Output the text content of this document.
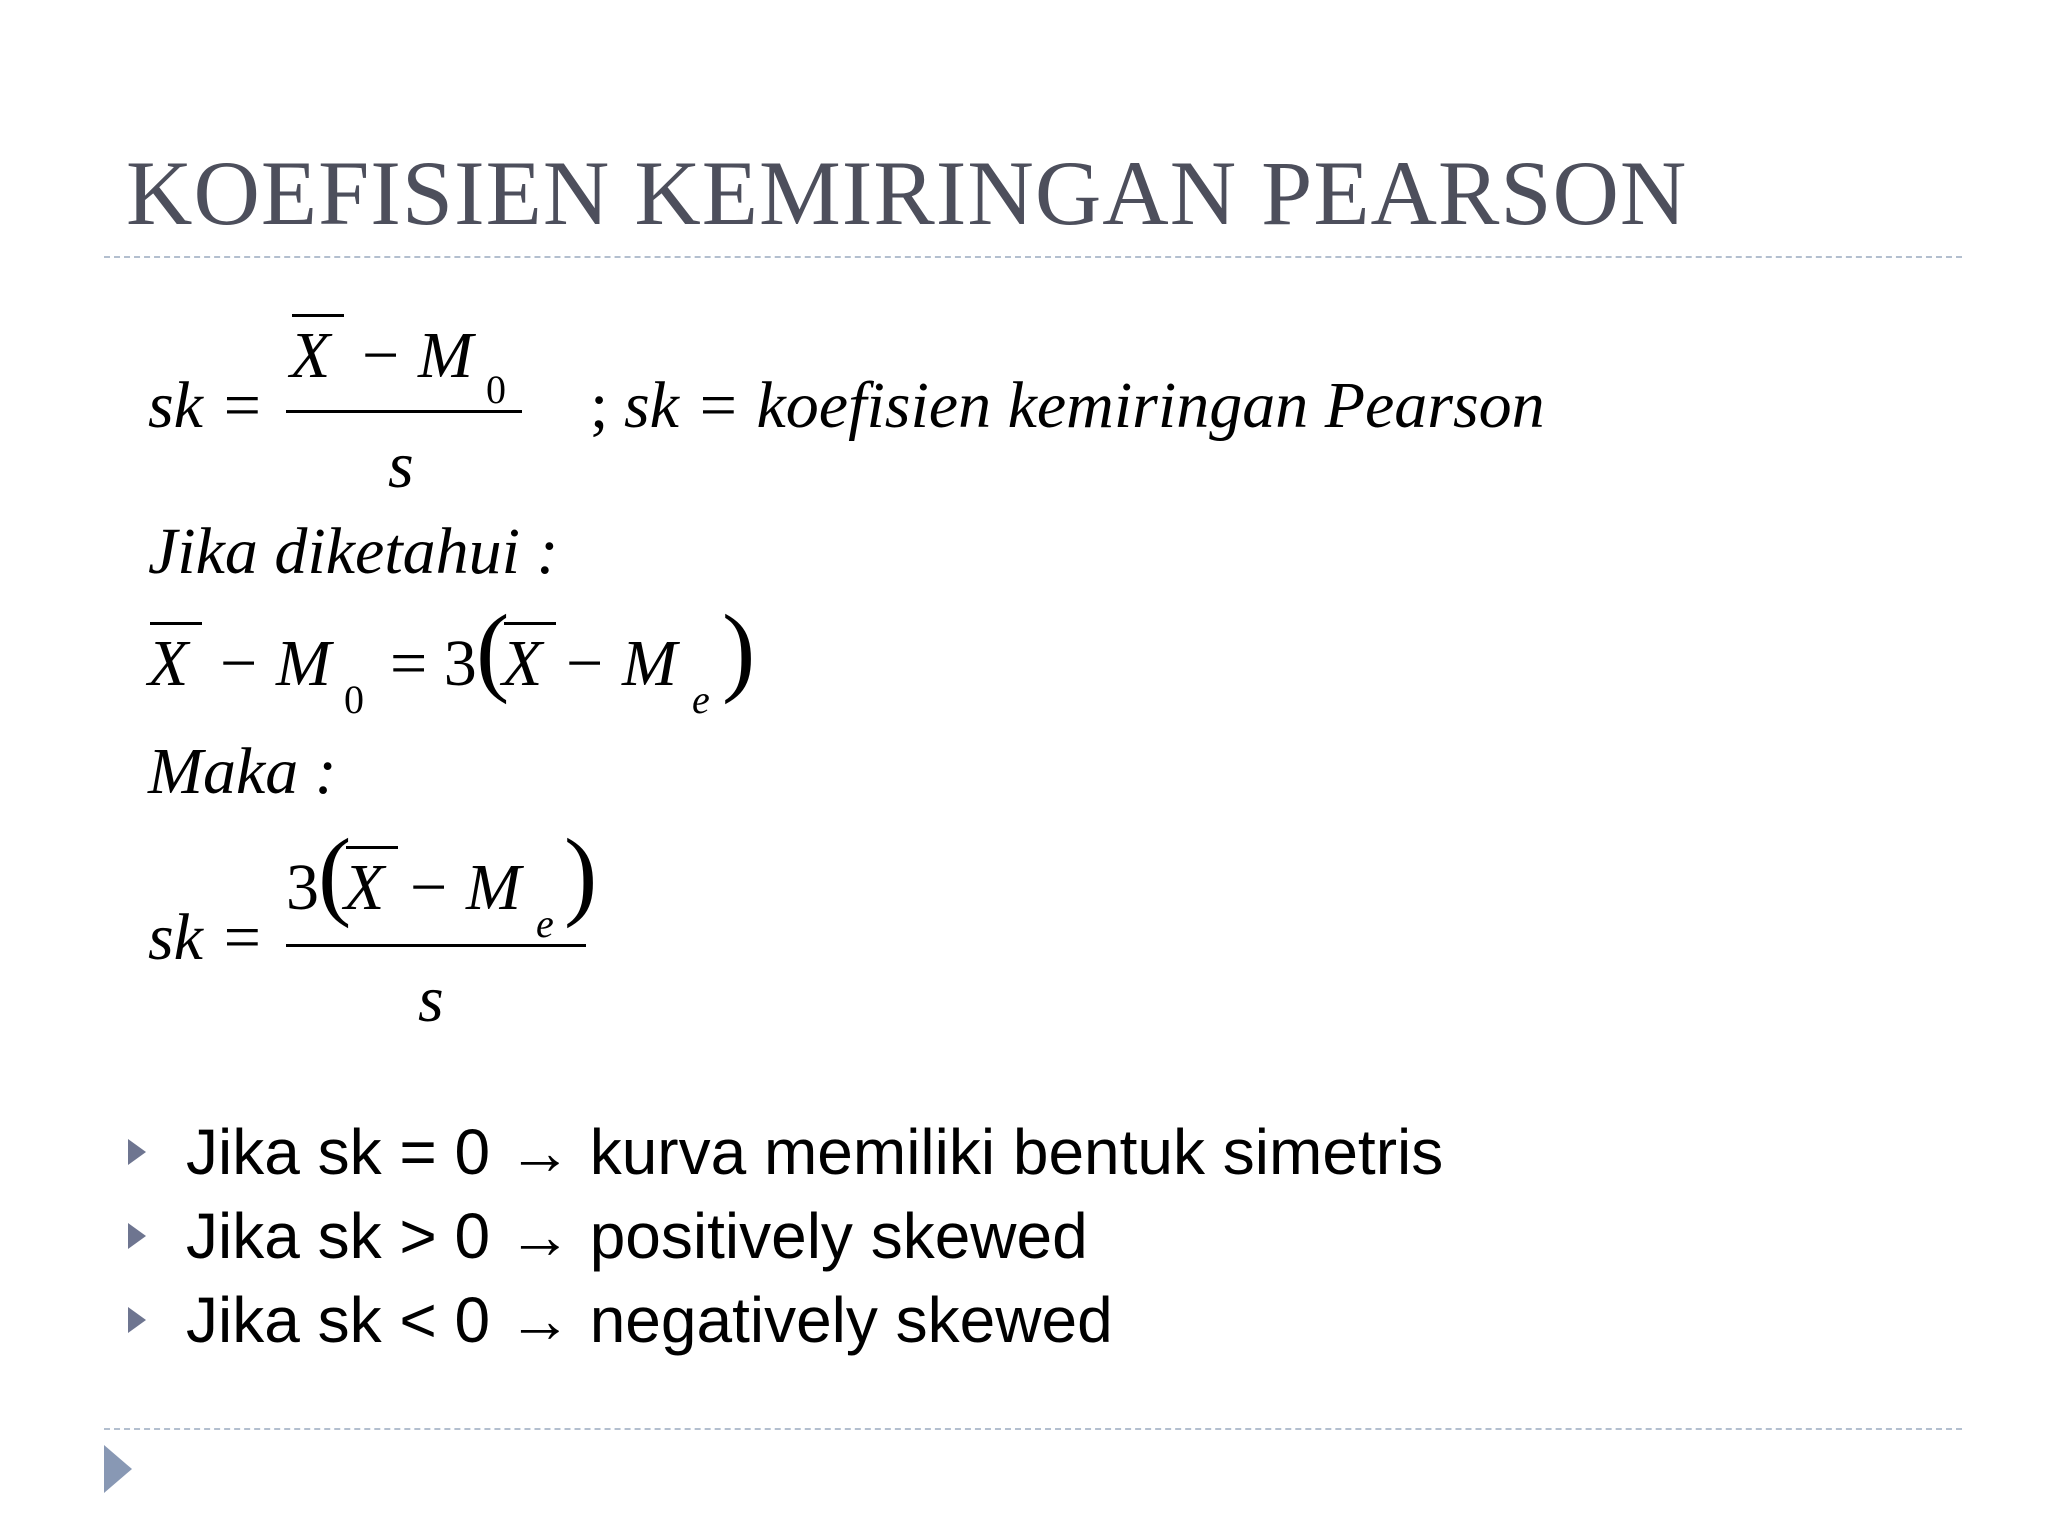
KOEFISIEN KEMIRINGAN PEARSON
sk =
X − M 0
s
; sk = koefisien kemiringan Pearson
Jika diketahui :
X − M 0 = 3 (
X − M e )
Maka :
sk =
3 (
X − M e )
s
Jika sk = 0 → kurva memiliki bentuk simetris
Jika sk > 0 → positively skewed
Jika sk < 0 → negatively skewed
